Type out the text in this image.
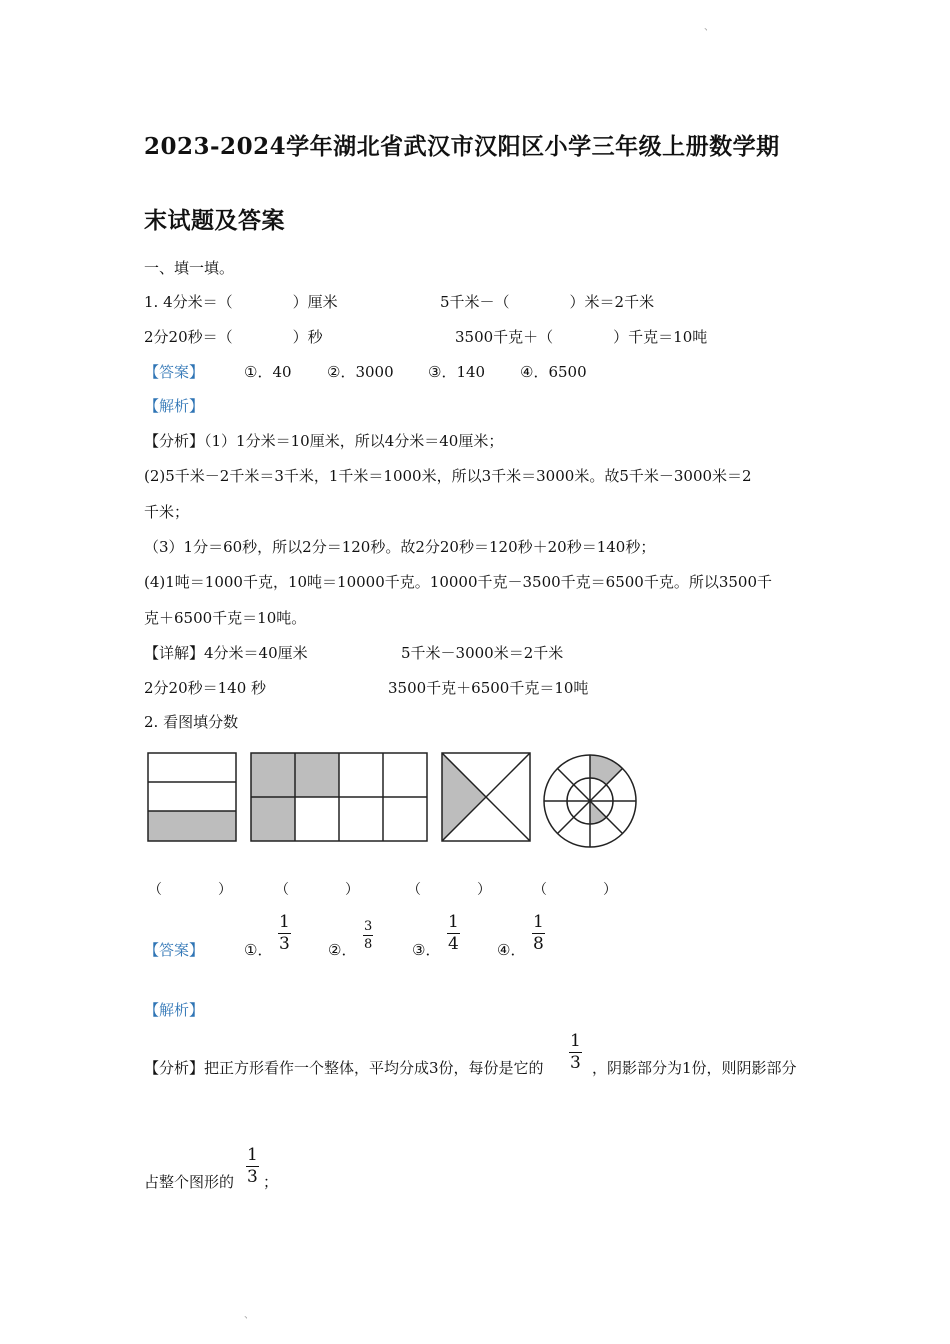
、
2023-2024学年湖北省武汉市汉阳区小学三年级上册数学期
末试题及答案
一、填一填。
1. 4分米＝（　　　　）厘米	5千米－（　　　　）米＝2千米
2分20秒＝（　　　　）秒	3500千克＋（　　　　）千克＝10吨
【答案】	①．40 ②．3000 ③．140 ④．6500
【解析】
【分析】（1）1分米＝10厘米，所以4分米＝40厘米；
(2)5千米－2千米＝3千米，1千米＝1000米，所以3千米＝3000米。故5千米－3000米＝2
千米；
（3）1分＝60秒，所以2分＝120秒。故2分20秒＝120秒＋20秒＝140秒；
(4)1吨＝1000千克，10吨＝10000千克。10000千克－3500千克＝6500千克。所以3500千
克＋6500千克＝10吨。
【详解】4分米＝40厘米	5千米－3000米＝2千米
2分20秒＝140 秒	3500千克＋6500千克＝10吨
2. 看图填分数
（　　　　）	（　　　　）	（　　　　）	（　　　　）
【答案】	①． $\frac{1}{3}$ ②． $\frac{3}{8}$	③． $\frac{1}{4}$ ④． $\frac{1}{8}$
【解析】
【分析】把正方形看作一个整体，平均分成3份，每份是它的 $\frac{1}{3}$ ，阴影部分为1份，则阴影部分
占整个图形的 $\frac{1}{3}$ ；
、
